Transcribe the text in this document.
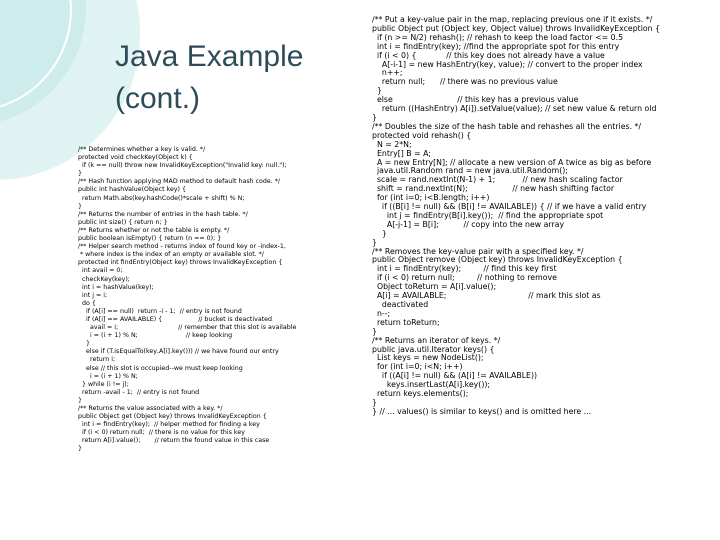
Java Example
(cont.)
/** Determines whether a key is valid. */
protected void checkKey(Object k) {
if (k == null) throw new InvalidKeyException("Invalid key: null.");
}
/** Hash function applying MAD method to default hash code. */
public int hashValue(Object key) {
return Math.abs(key.hashCode()*scale + shift) % N;
}
/** Returns the number of entries in the hash table. */
public int size() { return n; }
/** Returns whether or not the table is empty. */
public boolean isEmpty() { return (n == 0); }
/** Helper search method - returns index of found key or -index-1,
* where index is the index of an empty or available slot. */
protected int findEntry(Object key) throws InvalidKeyException {
int avail = 0;
checkKey(key);
int i = hashValue(key);
int j = i;
do {
if (A[i] == null)  return -i - 1;  // entry is not found
if (A[i] == AVAILABLE) {                  // bucket is deactivated
avail = i;                              // remember that this slot is available
i = (i + 1) % N;                        // keep looking
}
else if (T.isEqualTo(key,A[i].key())) // we have found our entry
return i;
else // this slot is occupied--we must keep looking
i = (i + 1) % N;
} while (i != j);
return -avail - 1;  // entry is not found
}
/** Returns the value associated with a key. */
public Object get (Object key) throws InvalidKeyException {
int i = findEntry(key);  // helper method for finding a key
if (i < 0) return null;  // there is no value for this key
return A[i].value();       // return the found value in this case
}
/** Put a key-value pair in the map, replacing previous one if it exists. */
public Object put (Object key, Object value) throws InvalidKeyException {
if (n >= N/2) rehash(); // rehash to keep the load factor <= 0.5
int i = findEntry(key); //find the appropriate spot for this entry
if (i < 0) {            // this key does not already have a value
A[-i-1] = new HashEntry(key, value); // convert to the proper index
n++;
return null;      // there was no previous value
}
else                          // this key has a previous value
return ((HashEntry) A[i]).setValue(value); // set new value & return old
}
/** Doubles the size of the hash table and rehashes all the entries. */
protected void rehash() {
N = 2*N;
Entry[] B = A;
A = new Entry[N]; // allocate a new version of A twice as big as before
java.util.Random rand = new java.util.Random();
scale = rand.nextInt(N-1) + 1;           // new hash scaling factor
shift = rand.nextInt(N);                  // new hash shifting factor
for (int i=0; i<B.length; i++)
if ((B[i] != null) && (B[i] != AVAILABLE)) { // if we have a valid entry
int j = findEntry(B[i].key());  // find the appropriate spot
A[-j-1] = B[i];          // copy into the new array
}
}
/** Removes the key-value pair with a specified key. */
public Object remove (Object key) throws InvalidKeyException {
int i = findEntry(key);         // find this key first
if (i < 0) return null;         // nothing to remove
Object toReturn = A[i].value();
A[i] = AVAILABLE;                                 // mark this slot as
deactivated
n--;
return toReturn;
}
/** Returns an iterator of keys. */
public java.util.Iterator keys() {
List keys = new NodeList();
for (int i=0; i<N; i++)
if ((A[i] != null) && (A[i] != AVAILABLE))
keys.insertLast(A[i].key());
return keys.elements();
}
} // ... values() is similar to keys() and is omitted here ...
